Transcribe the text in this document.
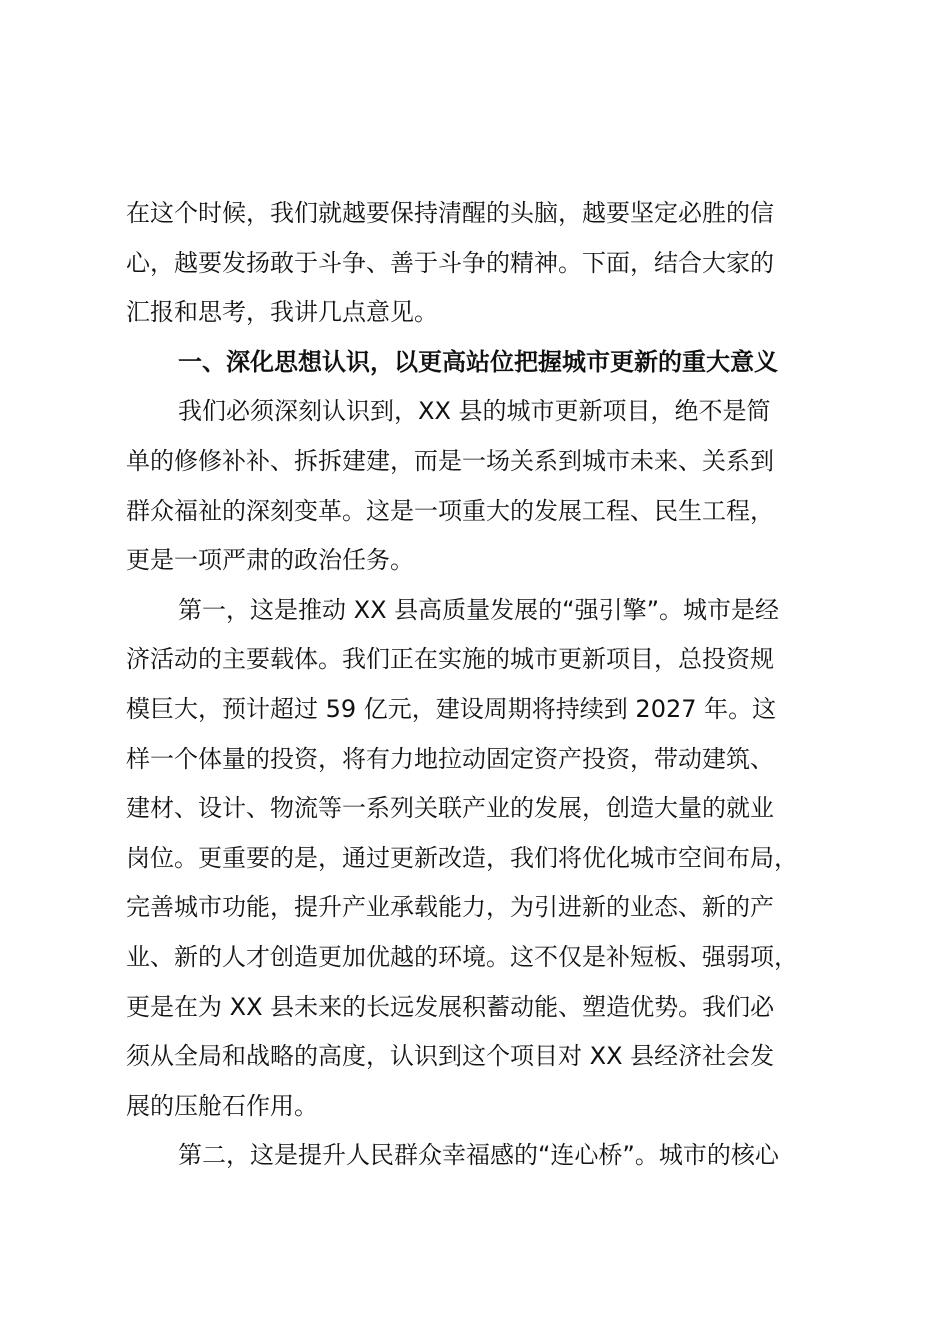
在这个时候，我们就越要保持清醒的头脑，越要坚定必胜的信
心，越要发扬敢于斗争、善于斗争的精神。下面，结合大家的
汇报和思考，我讲几点意见。
一、深化思想认识，以更高站位把握城市更新的重大意义
我们必须深刻认识到，XX 县的城市更新项目，绝不是简
单的修修补补、拆拆建建，而是一场关系到城市未来、关系到
群众福祉的深刻变革。这是一项重大的发展工程、民生工程，
更是一项严肃的政治任务。
第一，这是推动 XX 县高质量发展的“强引擎”。城市是经
济活动的主要载体。我们正在实施的城市更新项目，总投资规
模巨大，预计超过 59 亿元，建设周期将持续到 2027 年。这
样一个体量的投资，将有力地拉动固定资产投资，带动建筑、
建材、设计、物流等一系列关联产业的发展，创造大量的就业
岗位。更重要的是，通过更新改造，我们将优化城市空间布局，
完善城市功能，提升产业承载能力，为引进新的业态、新的产
业、新的人才创造更加优越的环境。这不仅是补短板、强弱项，
更是在为 XX 县未来的长远发展积蓄动能、塑造优势。我们必
须从全局和战略的高度，认识到这个项目对 XX 县经济社会发
展的压舱石作用。
第二，这是提升人民群众幸福感的“连心桥”。城市的核心
